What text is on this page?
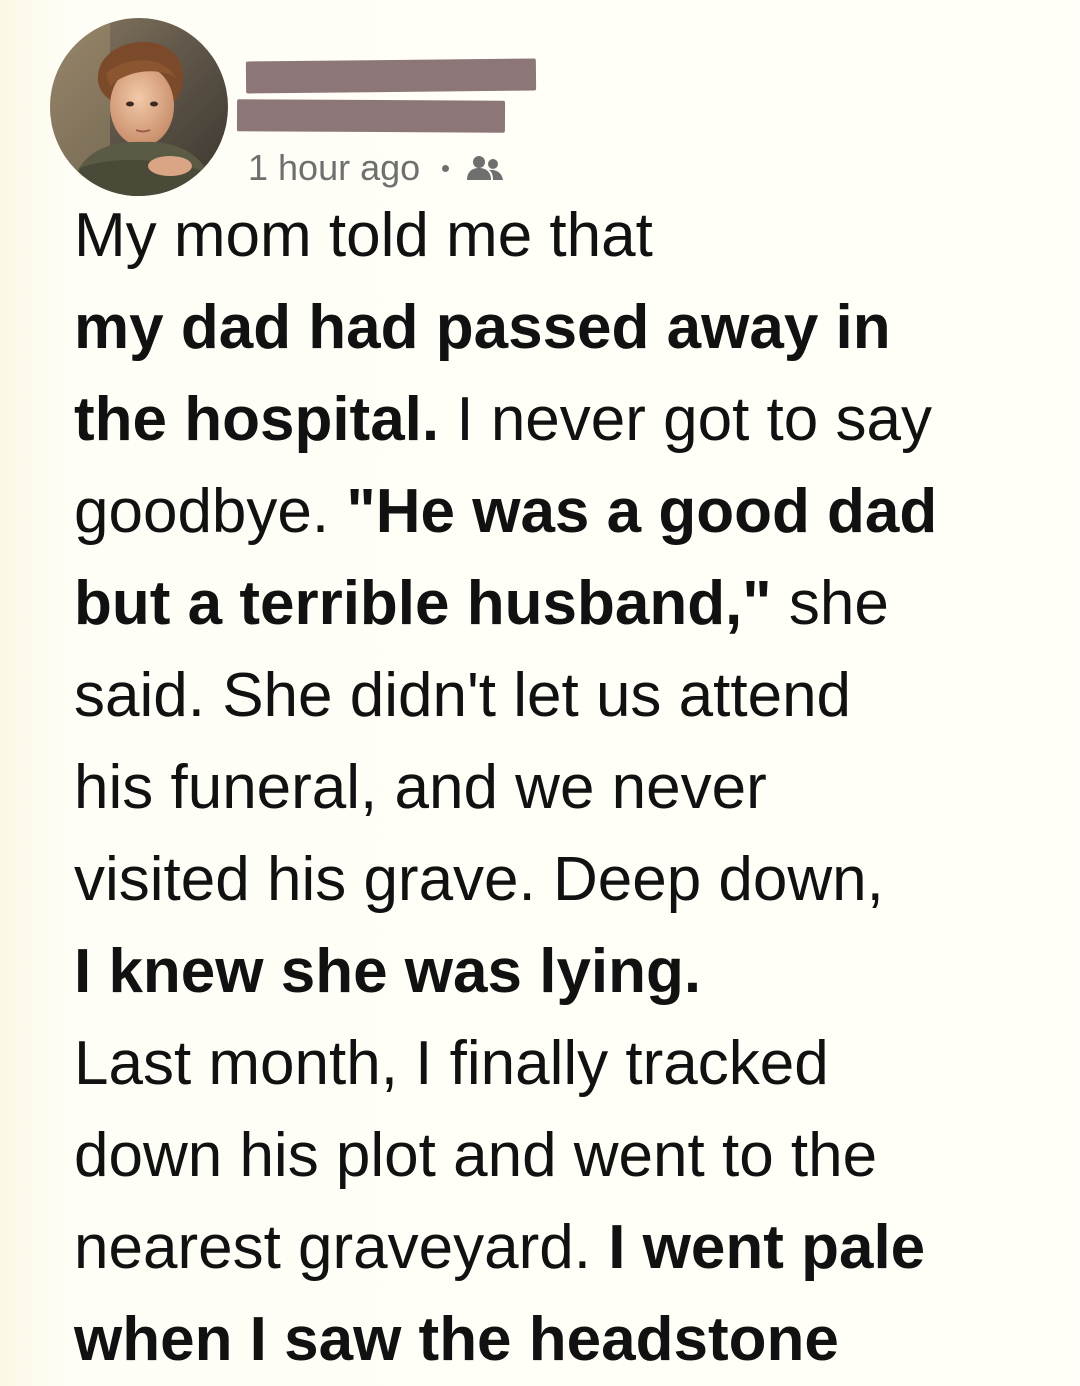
1 hour ago
My mom told me that
my dad had passed away in
the hospital. I never got to say
goodbye. "He was a good dad
but a terrible husband," she
said. She didn't let us attend
his funeral, and we never
visited his grave. Deep down,
I knew she was lying.
Last month, I finally tracked
down his plot and went to the
nearest graveyard. I went pale
when I saw the headstone
